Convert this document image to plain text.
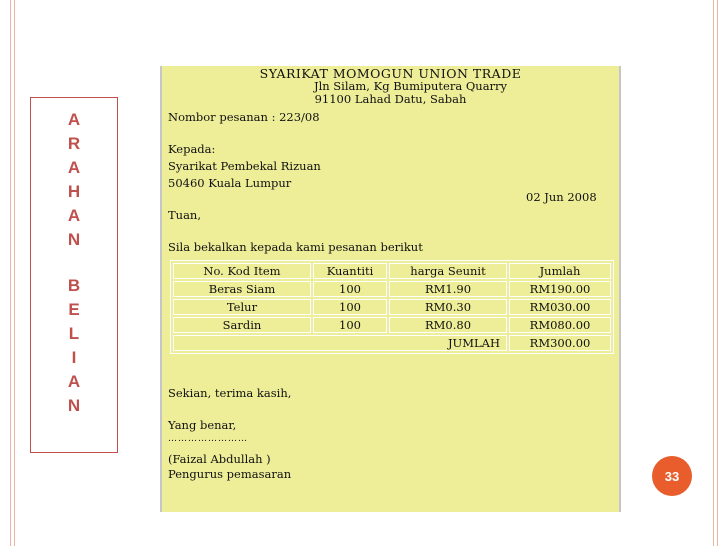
A
R
A
H
A
N
B
E
L
I
A
N
SYARIKAT MOMOGUN UNION TRADE
Jln Silam, Kg Bumiputera Quarry
91100 Lahad Datu, Sabah
Nombor pesanan : 223/08
Kepada:
Syarikat Pembekal Rizuan
50460 Kuala Lumpur
02 Jun 2008
Tuan,
Sila bekalkan kepada kami pesanan berikut
No. Kod Item	Kuantiti	harga Seunit	Jumlah
Beras Siam	100	RM1.90	RM190.00
Telur	100	RM0.30	RM030.00
Sardin	100	RM0.80	RM080.00
JUMLAH			RM300.00
Sekian, terima kasih,
Yang benar,
……………………
(Faizal Abdullah )
Pengurus pemasaran	33
